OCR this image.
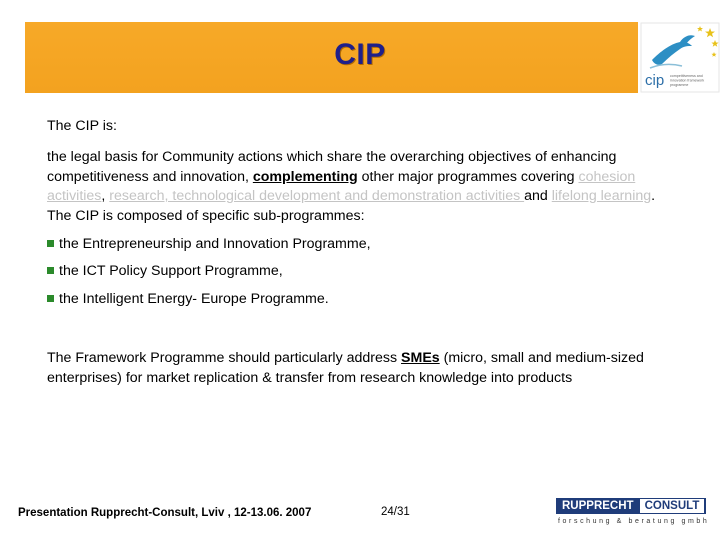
CIP
cip competitiveness and innovation framework programme
The CIP is:
the legal basis for Community actions which share the overarching objectives of enhancing competitiveness and innovation, complementing other major programmes covering cohesion activities, research, technological development and demonstration activities and lifelong learning. The CIP is composed of specific sub-programmes:
the Entrepreneurship and Innovation Programme,
the ICT Policy Support Programme,
the Intelligent Energy- Europe Programme.
The Framework Programme should particularly address SMEs (micro, small and medium-sized enterprises) for market replication & transfer from research knowledge into products
Presentation Rupprecht-Consult, Lviv , 12-13.06. 2007	24/31	RUPPRECHT CONSULT
forschung & beratung gmbh
